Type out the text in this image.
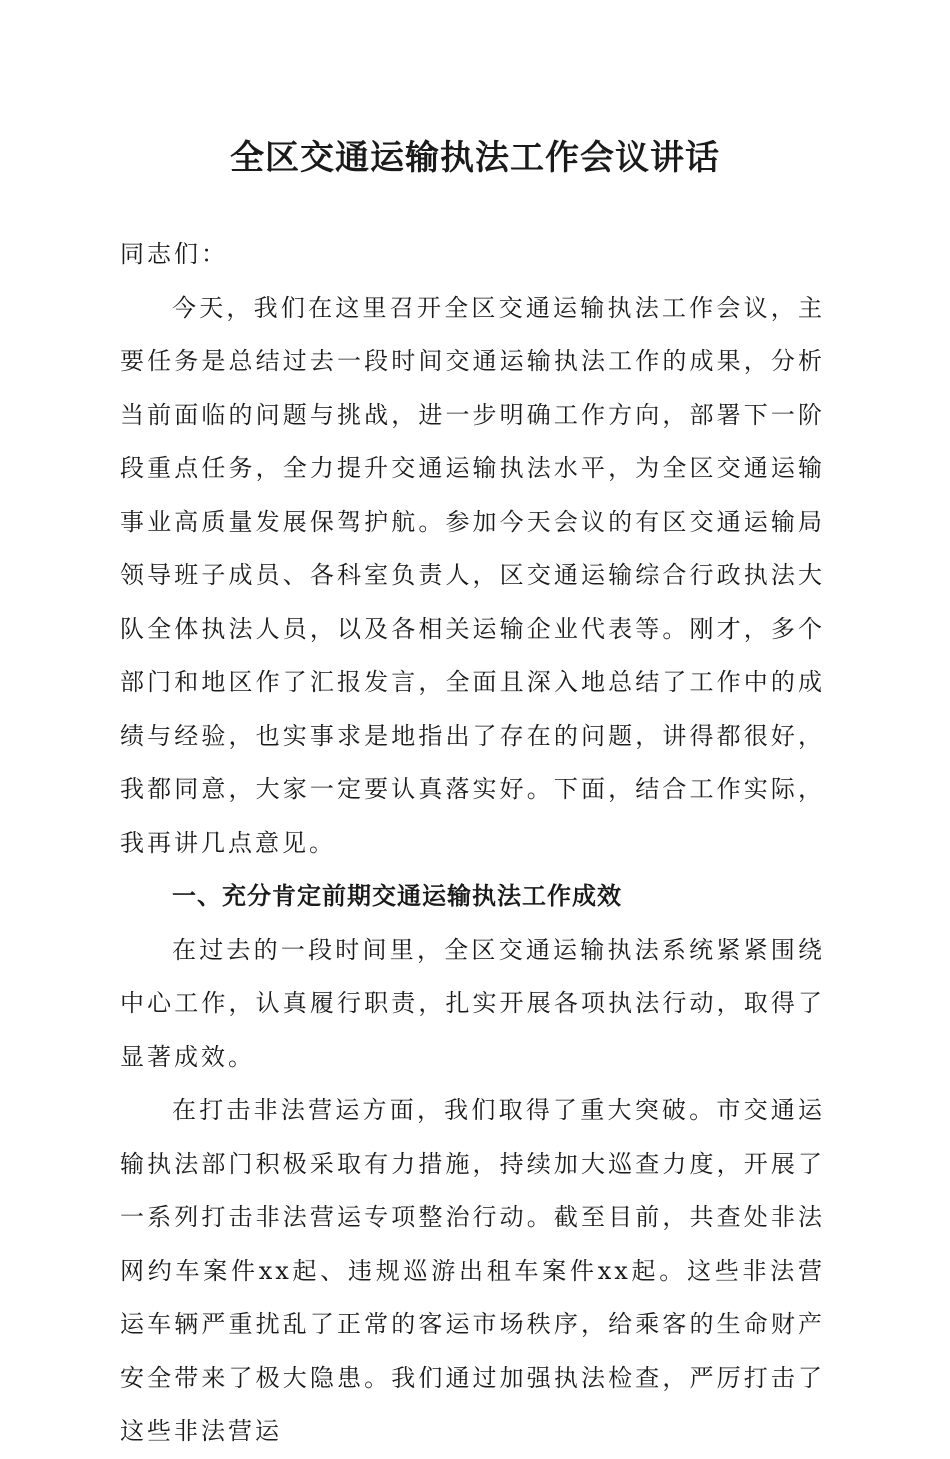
全区交通运输执法工作会议讲话

同志们：

今天，我们在这里召开全区交通运输执法工作会议，主要任务是总结过去一段时间交通运输执法工作的成果，分析当前面临的问题与挑战，进一步明确工作方向，部署下一阶段重点任务，全力提升交通运输执法水平，为全区交通运输事业高质量发展保驾护航。参加今天会议的有区交通运输局领导班子成员、各科室负责人，区交通运输综合行政执法大队全体执法人员，以及各相关运输企业代表等。刚才，多个部门和地区作了汇报发言，全面且深入地总结了工作中的成绩与经验，也实事求是地指出了存在的问题，讲得都很好，我都同意，大家一定要认真落实好。下面，结合工作实际，我再讲几点意见。

一、充分肯定前期交通运输执法工作成效

在过去的一段时间里，全区交通运输执法系统紧紧围绕中心工作，认真履行职责，扎实开展各项执法行动，取得了显著成效。

在打击非法营运方面，我们取得了重大突破。市交通运输执法部门积极采取有力措施，持续加大巡查力度，开展了一系列打击非法营运专项整治行动。截至目前，共查处非法网约车案件xx起、违规巡游出租车案件xx起。这些非法营运车辆严重扰乱了正常的客运市场秩序，给乘客的生命财产安全带来了极大隐患。我们通过加强执法检查，严厉打击了这些非法营运
